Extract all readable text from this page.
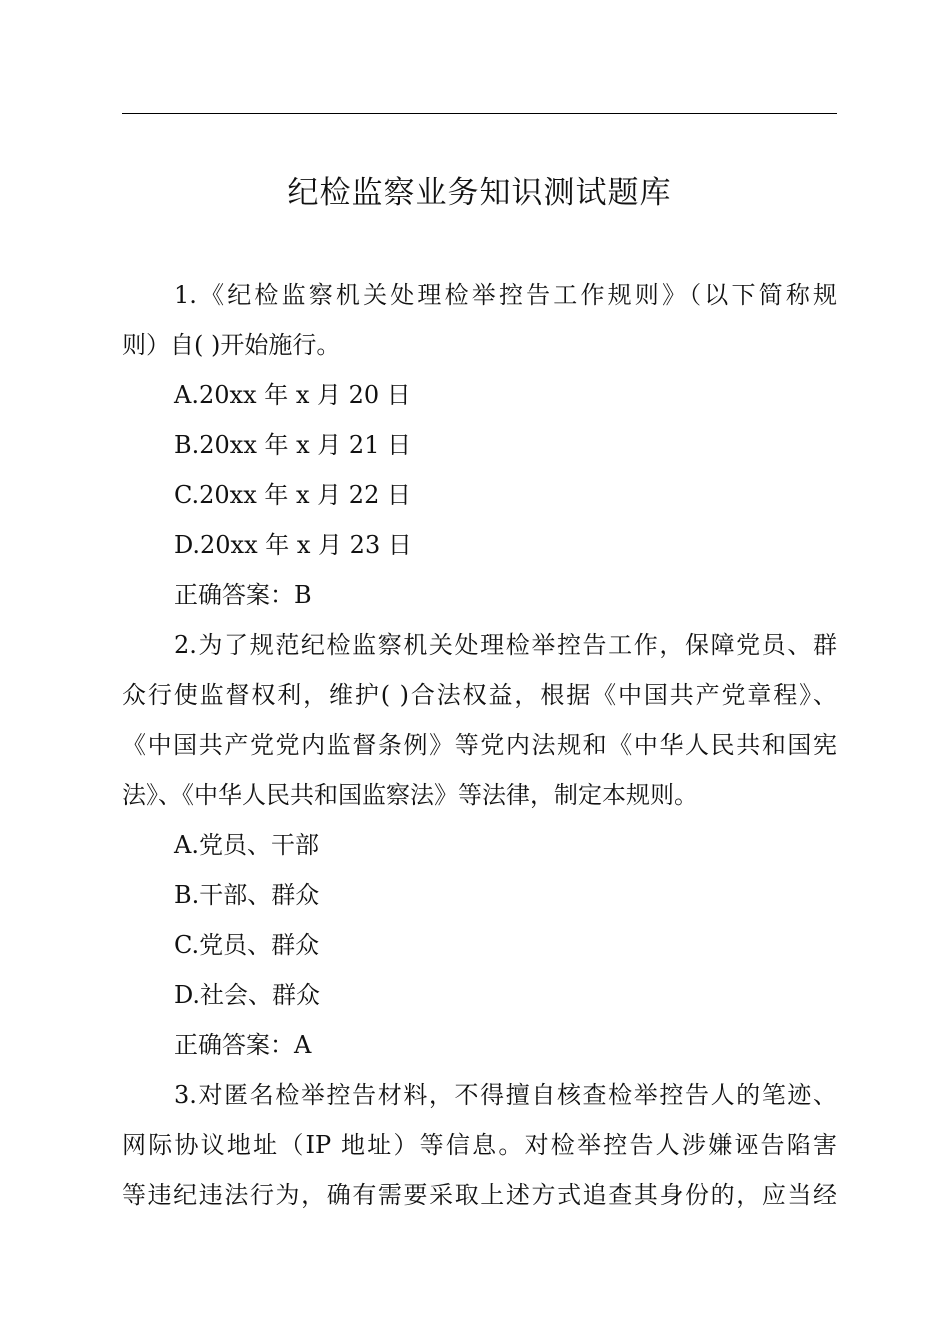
纪检监察业务知识测试题库
1.《纪检监察机关处理检举控告工作规则》（以下简称规
则）自( )开始施行。
A.20xx 年 x 月 20 日
B.20xx 年 x 月 21 日
C.20xx 年 x 月 22 日
D.20xx 年 x 月 23 日
正确答案：B
2.为了规范纪检监察机关处理检举控告工作，保障党员、群
众行使监督权利，维护( )合法权益，根据《中国共产党章程》、
《中国共产党党内监督条例》等党内法规和《中华人民共和国宪
法》、《中华人民共和国监察法》等法律，制定本规则。
A.党员、干部
B.干部、群众
C.党员、群众
D.社会、群众
正确答案：A
3.对匿名检举控告材料，不得擅自核查检举控告人的笔迹、
网际协议地址（IP 地址）等信息。对检举控告人涉嫌诬告陷害
等违纪违法行为，确有需要采取上述方式追查其身份的，应当经
